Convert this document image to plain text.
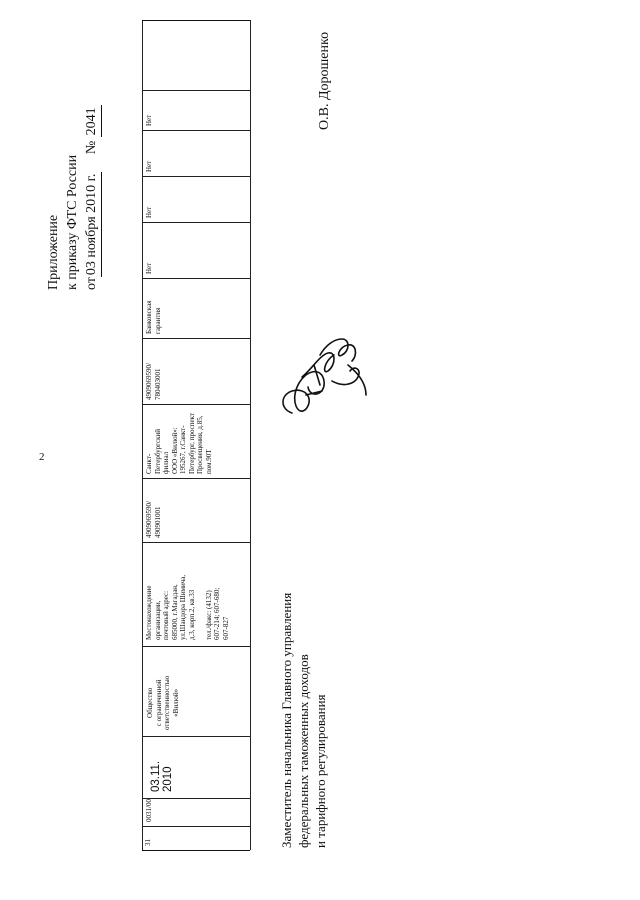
2
Приложение к приказу ФТС России от03 ноября 2010 г.     № 2041
31
0031/00
03.11.
2010
Общество
с ограниченной
ответственностью
«Вилюй»
Местонахождение
организации,
почтовый адрес:
685000, г.Магадан,
ул.Шандора Шимича,
д.3, корп.2, кв.33

тел./факс: (4132)
607-214; 607-680;
607-827
4909069590/
490901001
Санкт-
Петербургский
филиал
ООО «Вилюй»:
195267, г.Санкт-
Петербург, проспект
Просвещения, д.85,
пом.90Т
4909069590/
780403001
Банковская
гарантия
Нет
Нет
Нет
Нет
Заместитель начальника Главного управления федеральных таможенных доходов и тарифного регулирования
О.В. Дорошенко
